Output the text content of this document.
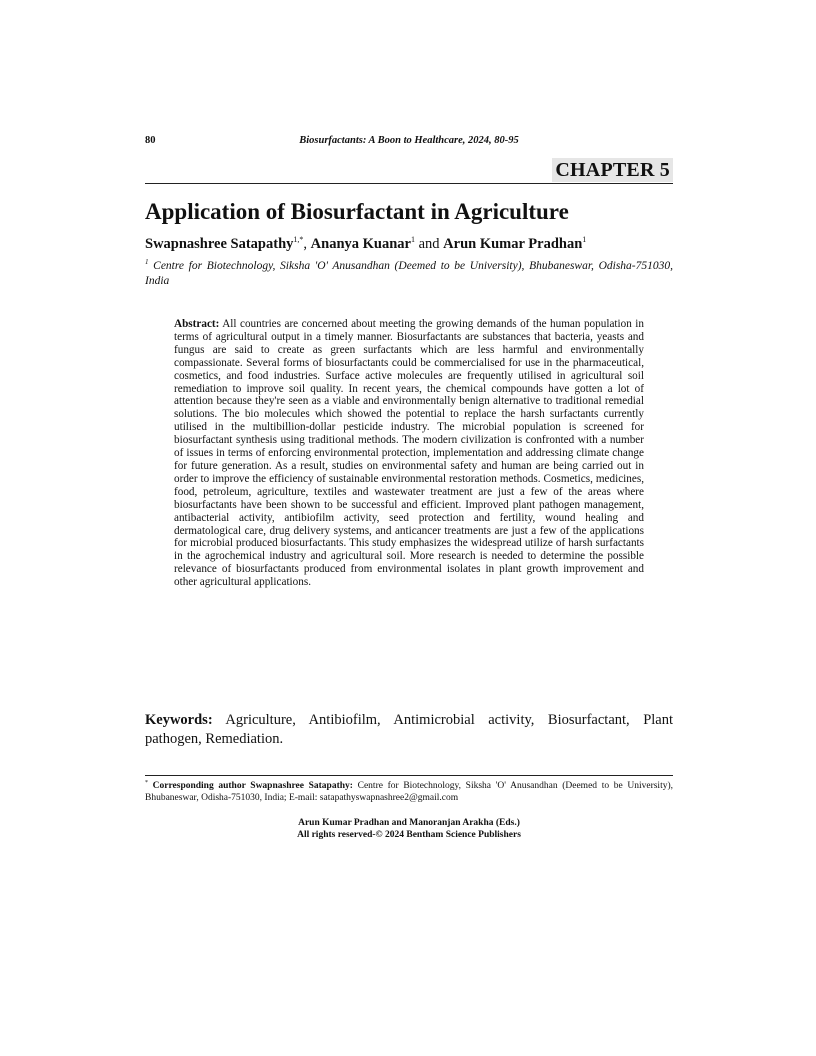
80	Biosurfactants: A Boon to Healthcare, 2024, 80-95
CHAPTER 5
Application of Biosurfactant in Agriculture
Swapnashree Satapathy$^{1,*}$, Ananya Kuanar$^1$ and Arun Kumar Pradhan$^1$
$^1$ Centre for Biotechnology, Siksha 'O' Anusandhan (Deemed to be University), Bhubaneswar, Odisha-751030, India

Abstract: All countries are concerned about meeting the growing demands of the human population in terms of agricultural output in a timely manner. Biosurfactants are substances that bacteria, yeasts and fungus are said to create as green surfactants which are less harmful and environmentally compassionate. Several forms of biosurfactants could be commercialised for use in the pharmaceutical, cosmetics, and food industries. Surface active molecules are frequently utilised in agricultural soil remediation to improve soil quality. In recent years, the chemical compounds have gotten a lot of attention because they're seen as a viable and environmentally benign alternative to traditional remedial solutions. The bio molecules which showed the potential to replace the harsh surfactants currently utilised in the multibillion-dollar pesticide industry. The microbial population is screened for biosurfactant synthesis using traditional methods. The modern civilization is confronted with a number of issues in terms of enforcing environmental protection, implementation and addressing climate change for future generation. As a result, studies on environmental safety and human are being carried out in order to improve the efficiency of sustainable environmental restoration methods. Cosmetics, medicines, food, petroleum, agriculture, textiles and wastewater treatment are just a few of the areas where biosurfactants have been shown to be successful and efficient. Improved plant pathogen management, antibacterial activity, antibiofilm activity, seed protection and fertility, wound healing and dermatological care, drug delivery systems, and anticancer treatments are just a few of the applications for microbial produced biosurfactants. This study emphasizes the widespread utilize of harsh surfactants in the agrochemical industry and agricultural soil. More research is needed to determine the possible relevance of biosurfactants produced from environmental isolates in plant growth improvement and other agricultural applications.

Keywords: Agriculture, Antibiofilm, Antimicrobial activity, Biosurfactant, Plant pathogen, Remediation.
* Corresponding author Swapnashree Satapathy: Centre for Biotechnology, Siksha 'O' Anusandhan (Deemed to be University), Bhubaneswar, Odisha-751030, India; E-mail: satapathyswapnashree2@gmail.com
Arun Kumar Pradhan and Manoranjan Arakha (Eds.)
All rights reserved-© 2024 Bentham Science Publishers
